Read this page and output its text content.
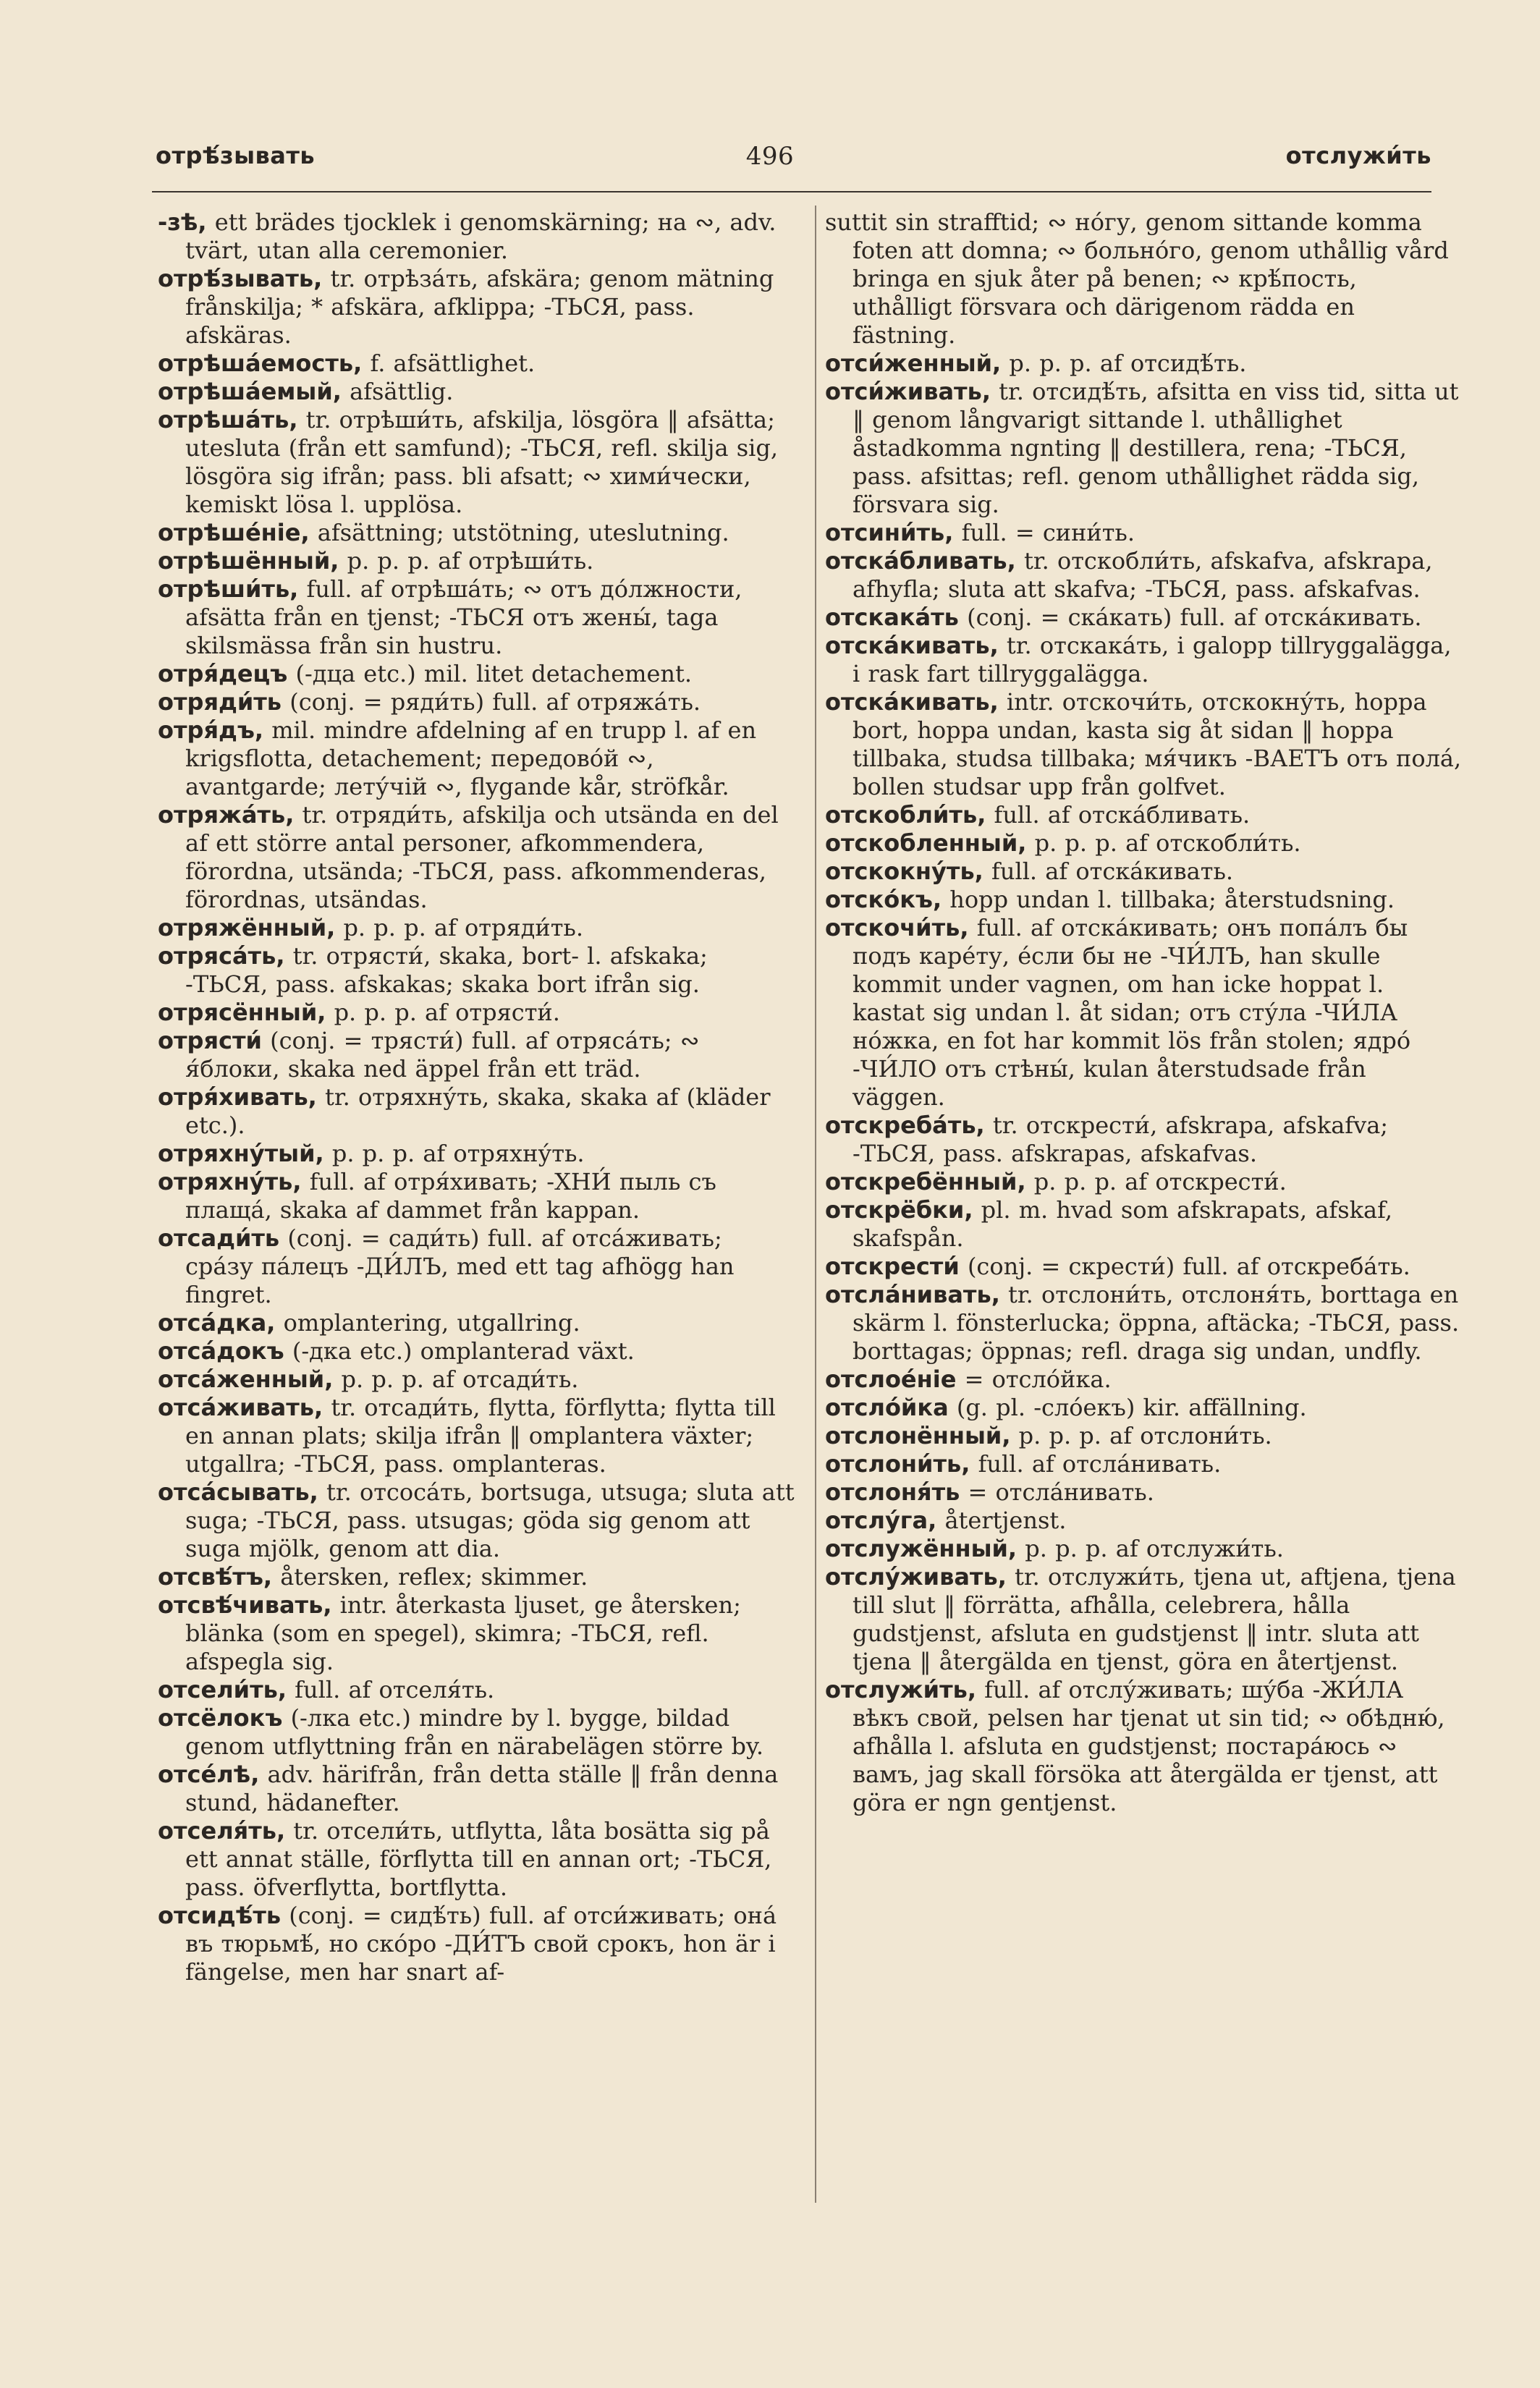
496
отрѣ́зывать	отслужи́ть

-зѣ, ett brädes tjocklek i genomskärning; на ∾, adv. tvärt, utan alla ceremonier.

отрѣ́зывать, tr. отрѣза́ть, afskära; genom mätning frånskilja; * afskära, afklippa; -ТЬСЯ, pass. afskäras.

отрѣша́емость, f. afsättlighet.

отрѣша́емый, afsättlig.

отрѣша́ть, tr. отрѣши́ть, afskilja, lösgöra ‖ afsätta; utesluta (från ett samfund); -ТЬСЯ, refl. skilja sig, lösgöra sig ifrån; pass. bli afsatt; ∾ хими́чески, kemiskt lösa l. upplösa.

отрѣше́ніе, afsättning; utstötning, uteslutning.

отрѣшённый, p. p. p. af отрѣши́ть.

отрѣши́ть, full. af отрѣша́ть; ∾ отъ до́лжности, afsätta från en tjenst; -ТЬСЯ отъ жены́, taga skilsmässa från sin hustru.

отря́децъ (-дца etc.) mil. litet detachement.

отряди́ть (conj. = ряди́ть) full. af отряжа́ть.

отря́дъ, mil. mindre afdelning af en trupp l. af en krigsflotta, detachement; передово́й ∾, avantgarde; лету́чій ∾, flygande kår, ströfkår.

отряжа́ть, tr. отряди́ть, afskilja och utsända en del af ett större antal personer, afkommendera, förordna, utsända; -ТЬСЯ, pass. afkommenderas, förordnas, utsändas.

отряжённый, p. p. p. af отряди́ть.

отряса́ть, tr. отрясти́, skaka, bort- l. afskaka; -ТЬСЯ, pass. afskakas; skaka bort ifrån sig.

отрясённый, p. p. p. af отрясти́.

отрясти́ (conj. = трясти́) full. af отряса́ть; ∾ я́блоки, skaka ned äppel från ett träd.

отря́хивать, tr. отряхну́ть, skaka, skaka af (kläder etc.).

отряхну́тый, p. p. p. af отряхну́ть.

отряхну́ть, full. af отря́хивать; -ХНИ́ пыль съ плаща́, skaka af dammet från kappan.

отсади́ть (conj. = сади́ть) full. af отса́живать; сра́зу па́лецъ -ДИ́ЛЪ, med ett tag afhögg han fingret.

отса́дка, omplantering, utgallring.

отса́докъ (-дка etc.) omplanterad växt.

отса́женный, p. p. p. af отсади́ть.

отса́живать, tr. отсади́ть, flytta, förflytta; flytta till en annan plats; skilja ifrån ‖ omplantera växter; utgallra; -ТЬСЯ, pass. omplanteras.

отса́сывать, tr. отсоса́ть, bortsuga, utsuga; sluta att suga; -ТЬСЯ, pass. utsugas; göda sig genom att suga mjölk, genom att dia.

отсвѣ́тъ, återsken, reflex; skimmer.

отсвѣ́чивать, intr. återkasta ljuset, ge återsken; blänka (som en spegel), skimra; -ТЬСЯ, refl. afspegla sig.

отсели́ть, full. af отселя́ть.

отсёлокъ (-лка etc.) mindre by l. bygge, bildad genom utflyttning från en närabelägen större by.

отсе́лѣ, adv. härifrån, från detta ställe ‖ från denna stund, hädanefter.

отселя́ть, tr. отсели́ть, utflytta, låta bosätta sig på ett annat ställe, förflytta till en annan ort; -ТЬСЯ, pass. öfverflytta, bortflytta.

отсидѣ́ть (conj. = сидѣ́ть) full. af отси́живать; она́ въ тюрьмѣ́, но ско́ро -ДИ́ТЪ свой срокъ, hon är i fängelse, men har snart af-

suttit sin strafftid; ∾ но́гу, genom sittande komma foten att domna; ∾ больно́го, genom uthållig vård bringa en sjuk åter på benen; ∾ крѣ́пость, uthålligt försvara och därigenom rädda en fästning.

отси́женный, p. p. p. af отсидѣ́ть.

отси́живать, tr. отсидѣ́ть, afsitta en viss tid, sitta ut ‖ genom långvarigt sittande l. uthållighet åstadkomma ngnting ‖ destillera, rena; -ТЬСЯ, pass. afsittas; refl. genom uthållighet rädda sig, försvara sig.

отсини́ть, full. = сини́ть.

отска́бливать, tr. отскобли́ть, afskafva, afskrapa, afhyfla; sluta att skafva; -ТЬСЯ, pass. afskafvas.

отскака́ть (conj. = ска́кать) full. af отска́кивать.

отска́кивать, tr. отскака́ть, i galopp tillryggalägga, i rask fart tillryggalägga.

отска́кивать, intr. отскочи́ть, отскокну́ть, hoppa bort, hoppa undan, kasta sig åt sidan ‖ hoppa tillbaka, studsa tillbaka; мя́чикъ -ВАЕТЪ отъ пола́, bollen studsar upp från golfvet.

отскобли́ть, full. af отска́бливать.

отскобленный, p. p. p. af отскобли́ть.

отскокну́ть, full. af отска́кивать.

отско́къ, hopp undan l. tillbaka; återstudsning.

отскочи́ть, full. af отска́кивать; онъ попа́лъ бы подъ каре́ту, е́сли бы не -ЧИ́ЛЪ, han skulle kommit under vagnen, om han icke hoppat l. kastat sig undan l. åt sidan; отъ сту́ла -ЧИ́ЛА но́жка, en fot har kommit lös från stolen; ядро́ -ЧИ́ЛО отъ стѣны́, kulan återstudsade från väggen.

отскреба́ть, tr. отскрести́, afskrapa, afskafva; -ТЬСЯ, pass. afskrapas, afskafvas.

отскребённый, p. p. p. af отскрести́.

отскрёбки, pl. m. hvad som afskrapats, afskaf, skafspån.

отскрести́ (conj. = скрести́) full. af отскреба́ть.

отсла́нивать, tr. отслони́ть, отслоня́ть, borttaga en skärm l. fönsterlucka; öppna, aftäcka; -ТЬСЯ, pass. borttagas; öppnas; refl. draga sig undan, undfly.

отслое́ніе = отсло́йка.

отсло́йка (g. pl. -сло́екъ) kir. affällning.

отслонённый, p. p. p. af отслони́ть.

отслони́ть, full. af отсла́нивать.

отслоня́ть = отсла́нивать.

отслу́га, återtjenst.

отслужённый, p. p. p. af отслужи́ть.

отслу́живать, tr. отслужи́ть, tjena ut, aftjena, tjena till slut ‖ förrätta, afhålla, celebrera, hålla gudstjenst, afsluta en gudstjenst ‖ intr. sluta att tjena ‖ återgälda en tjenst, göra en återtjenst.

отслужи́ть, full. af отслу́живать; шу́ба -ЖИ́ЛА вѣкъ свой, pelsen har tjenat ut sin tid; ∾ обѣдню́, afhålla l. afsluta en gudstjenst; постара́юсь ∾ вамъ, jag skall försöka att återgälda er tjenst, att göra er ngn gentjenst.
